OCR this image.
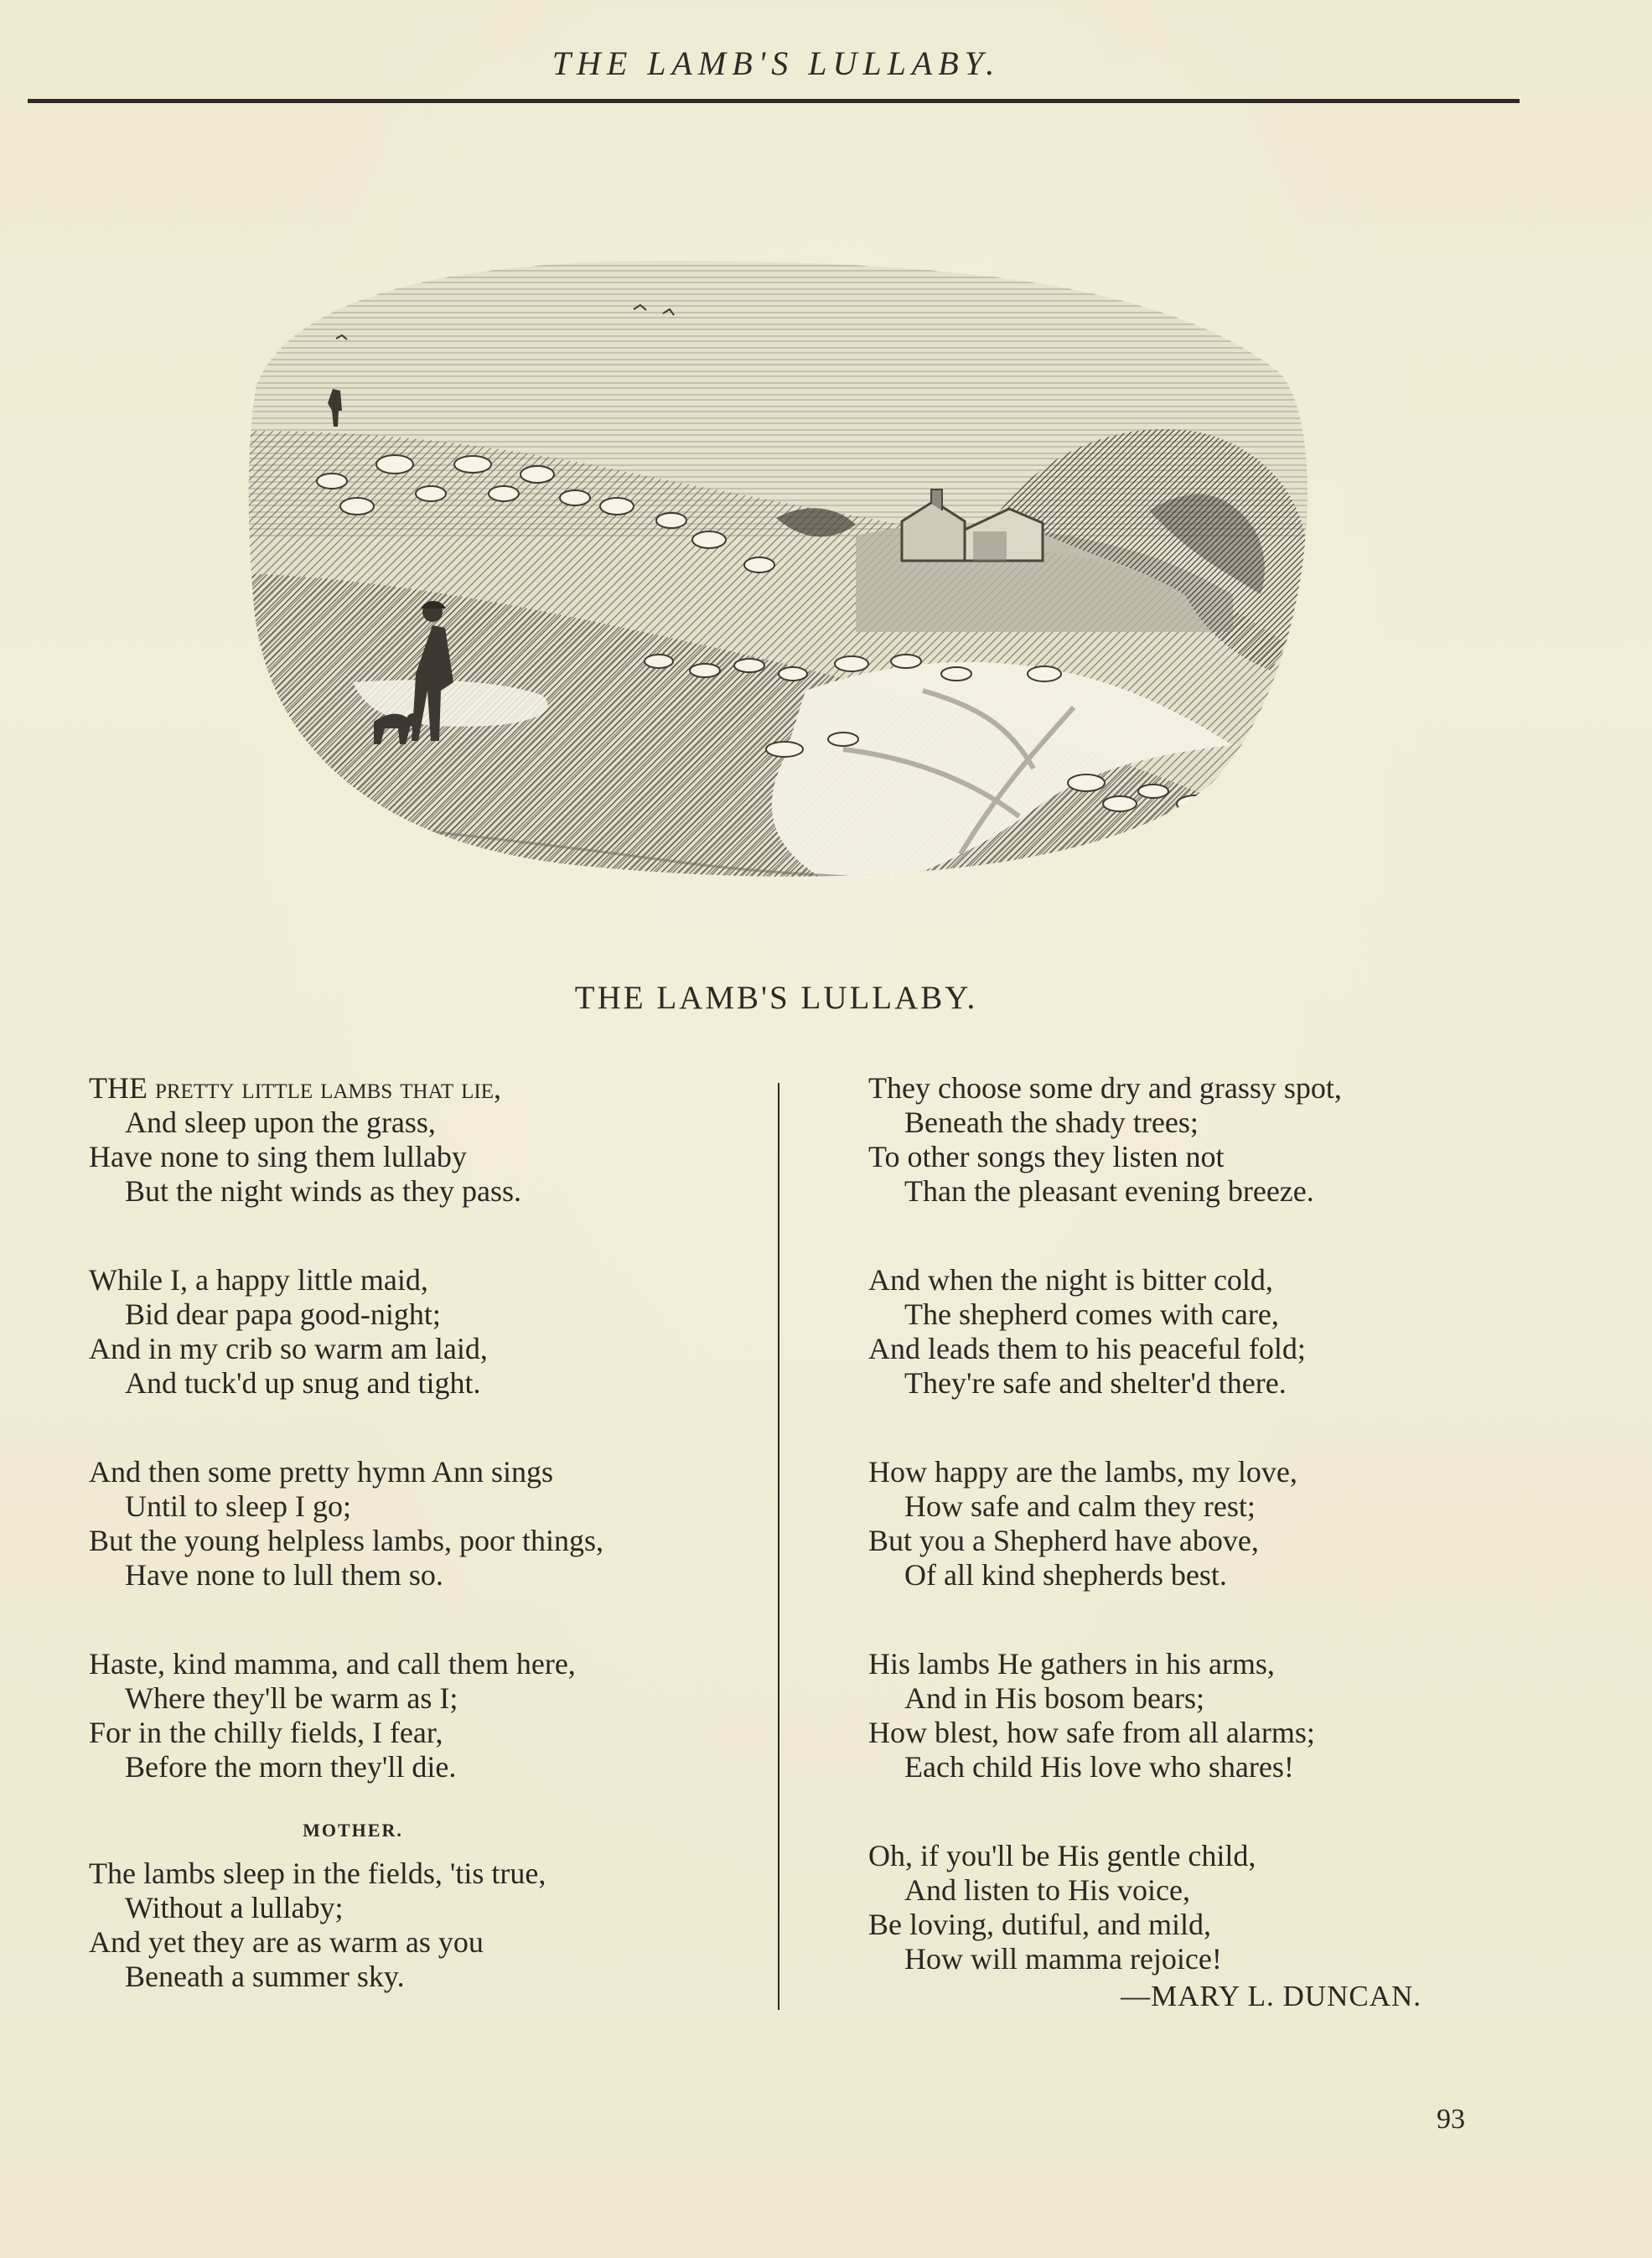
THE LAMB'S LULLABY.
THE LAMB'S LULLABY.
THE pretty little lambs that lie,
And sleep upon the grass,
Have none to sing them lullaby
But the night winds as they pass.
While I, a happy little maid,
Bid dear papa good-night;
And in my crib so warm am laid,
And tuck'd up snug and tight.
And then some pretty hymn Ann sings
Until to sleep I go;
But the young helpless lambs, poor things,
Have none to lull them so.
Haste, kind mamma, and call them here,
Where they'll be warm as I;
For in the chilly fields, I fear,
Before the morn they'll die.
MOTHER.
The lambs sleep in the fields, 'tis true,
Without a lullaby;
And yet they are as warm as you
Beneath a summer sky.
They choose some dry and grassy spot,
Beneath the shady trees;
To other songs they listen not
Than the pleasant evening breeze.
And when the night is bitter cold,
The shepherd comes with care,
And leads them to his peaceful fold;
They're safe and shelter'd there.
How happy are the lambs, my love,
How safe and calm they rest;
But you a Shepherd have above,
Of all kind shepherds best.
His lambs He gathers in his arms,
And in His bosom bears;
How blest, how safe from all alarms;
Each child His love who shares!
Oh, if you'll be His gentle child,
And listen to His voice,
Be loving, dutiful, and mild,
How will mamma rejoice!
—MARY L. DUNCAN.
93
